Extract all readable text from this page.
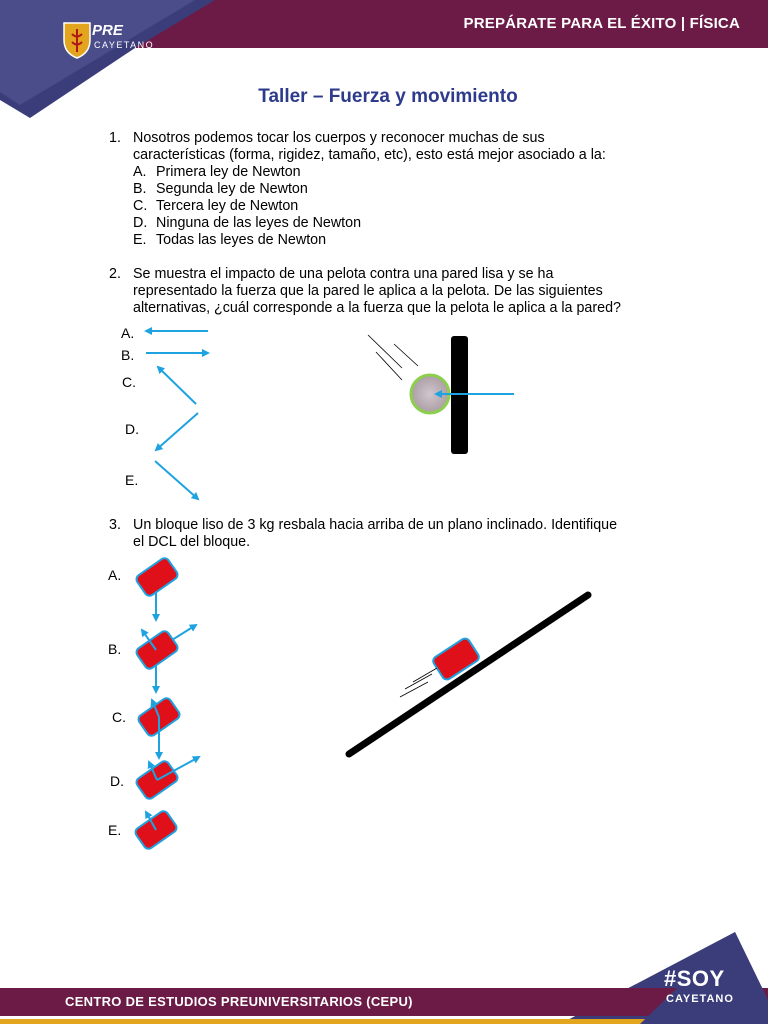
PRE
CAYETANO
PREPÁRATE PARA EL ÉXITO | FÍSICA
Taller – Fuerza y movimiento
1. Nosotros podemos tocar los cuerpos y reconocer muchas de sus
características (forma, rigidez, tamaño, etc), esto está mejor asociado a la:
A. Primera ley de Newton
B. Segunda ley de Newton
C. Tercera ley de Newton
D. Ninguna de las leyes de Newton
E. Todas las leyes de Newton
2. Se muestra el impacto de una pelota contra una pared lisa y se ha
representado la fuerza que la pared le aplica a la pelota. De las siguientes
alternativas, ¿cuál corresponde a la fuerza que la pelota le aplica a la pared?
A.
B.
C.
D.
E.
3. Un bloque liso de 3 kg resbala hacia arriba de un plano inclinado. Identifique
el DCL del bloque.
A.
B.
C.
D.
E.
CENTRO DE ESTUDIOS PREUNIVERSITARIOS (CEPU)
#SOY
CAYETANO
